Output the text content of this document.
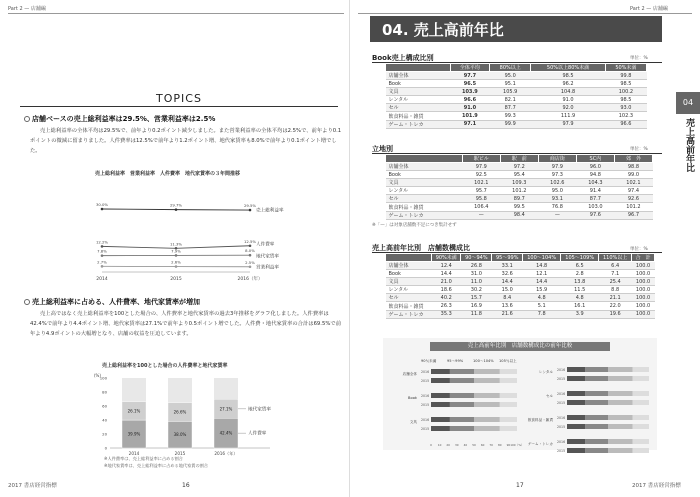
Part 2 — 店舗編
TOPICS
店舗ベースの売上総利益率は29.5%、営業利益率は2.5%
売上総利益率の全体平均は29.5%で、前年より0.2ポイント減少しました。また営業利益率の全体平均は2.5%で、前年より0.1ポイントの微減に留まりました。人件費率は12.5%で前年より1.2ポイント増、地代家賃率も8.0%で前年より0.1ポイント増でした。
売上総利益率　営業利益率　人件費率　地代家賃率の３年間推移
2014	2015	2016（年）
30.0%	29.7%	29.5%
売上総利益率
12.2%	11.3%
12.5%
人件費率
7.8%	7.9%	8.0%
地代家賃率
2.7%	2.6%	2.5%
営業利益率
売上総利益率に占める、人件費率、地代家賃率が増加
売上高ではなく売上総利益率を100とした場合の、人件費率と地代家賃率の過去3年推移をグラフ化しました。人件費率は42.4%で前年より4.4ポイント増、地代家賃率は27.1%で前年より0.5ポイント増でした。人件費・地代家賃率の合計は69.5%で前年より4.9ポイントの大幅増となり、店舗の収益を圧迫しています。
売上総利益率を100とした場合の人件費率と地代家賃率
(%)
100
80
60
40
20
0
39.9%
26.1%
2014
38.0%
26.6%
2015
42.4%
27.1%
2016（年）
人件費率
地代家賃率
※人件費率は、売上総利益率に占める割合
※地代家賃率は、売上総利益率に占める地代家賃の割合
2017 書店経営指標	16
Part 2 — 店舗編
04. 売上高前年比
04
売上高前年比
Book売上構成比別	単位：%
	全体平均	80%以上	50%以上80%未満	50%未満
店舗全体	97.7	95.0	98.5	99.8
Book	96.5	95.1	96.2	98.5
文具	103.9	105.9	104.8	100.2
レンタル	96.6	82.1	91.0	98.5
セル	91.0	87.7	92.0	93.0
飲食料品・雑貨	101.9	99.3	111.9	102.3
ゲーム・トレカ	97.1	99.9	97.9	96.6
立地別	単位：%
	駅ビル	駅　前	商店街	SC内	郊　外
店舗全体	97.9	97.2	97.9	96.0	98.8
Book	92.5	95.4	97.3	94.8	99.0
文具	102.1	109.3	102.6	104.3	102.1
レンタル	95.7	101.2	95.0	91.4	97.4
セル	95.8	89.7	93.1	87.7	92.6
飲食料品・雑貨	106.4	99.5	76.8	103.0	101.2
ゲーム・トレカ	—	98.4	—	97.6	96.7
※「—」は対象店舗数不足につき集計せず
売上高前年比別　店舗数構成比	単位：%
	90%未満	90〜94%	95〜99%	100〜104%	105〜109%	110%以上	合　計
店舗全体	12.4	26.8	33.1	14.8	6.5	6.4	100.0
Book	14.4	31.0	32.6	12.1	2.8	7.1	100.0
文具	21.0	11.0	14.4	14.4	13.8	25.4	100.0
レンタル	18.6	30.2	15.0	15.9	11.5	8.8	100.0
セル	40.2	15.7	8.4	4.8	4.8	21.1	100.0
飲食料品・雑貨	26.3	16.9	13.6	5.1	16.1	22.0	100.0
ゲーム・トレカ	35.3	11.8	21.6	7.8	3.9	19.6	100.0
売上高前年比別　店舗数構成比の前年比較
90％未満	95〜99%	100〜104% 105％以上
店舗全体 2016
2015
Book 2016
2015
文具 2016
2015
レンタル 2016
2015
セル 2016
2015
飲食料品・雑貨 2016
2015
ゲーム・トレカ 2016
2015
0 10 20 30 40 50 60 70 80 90 100（%）
17	2017 書店経営指標
